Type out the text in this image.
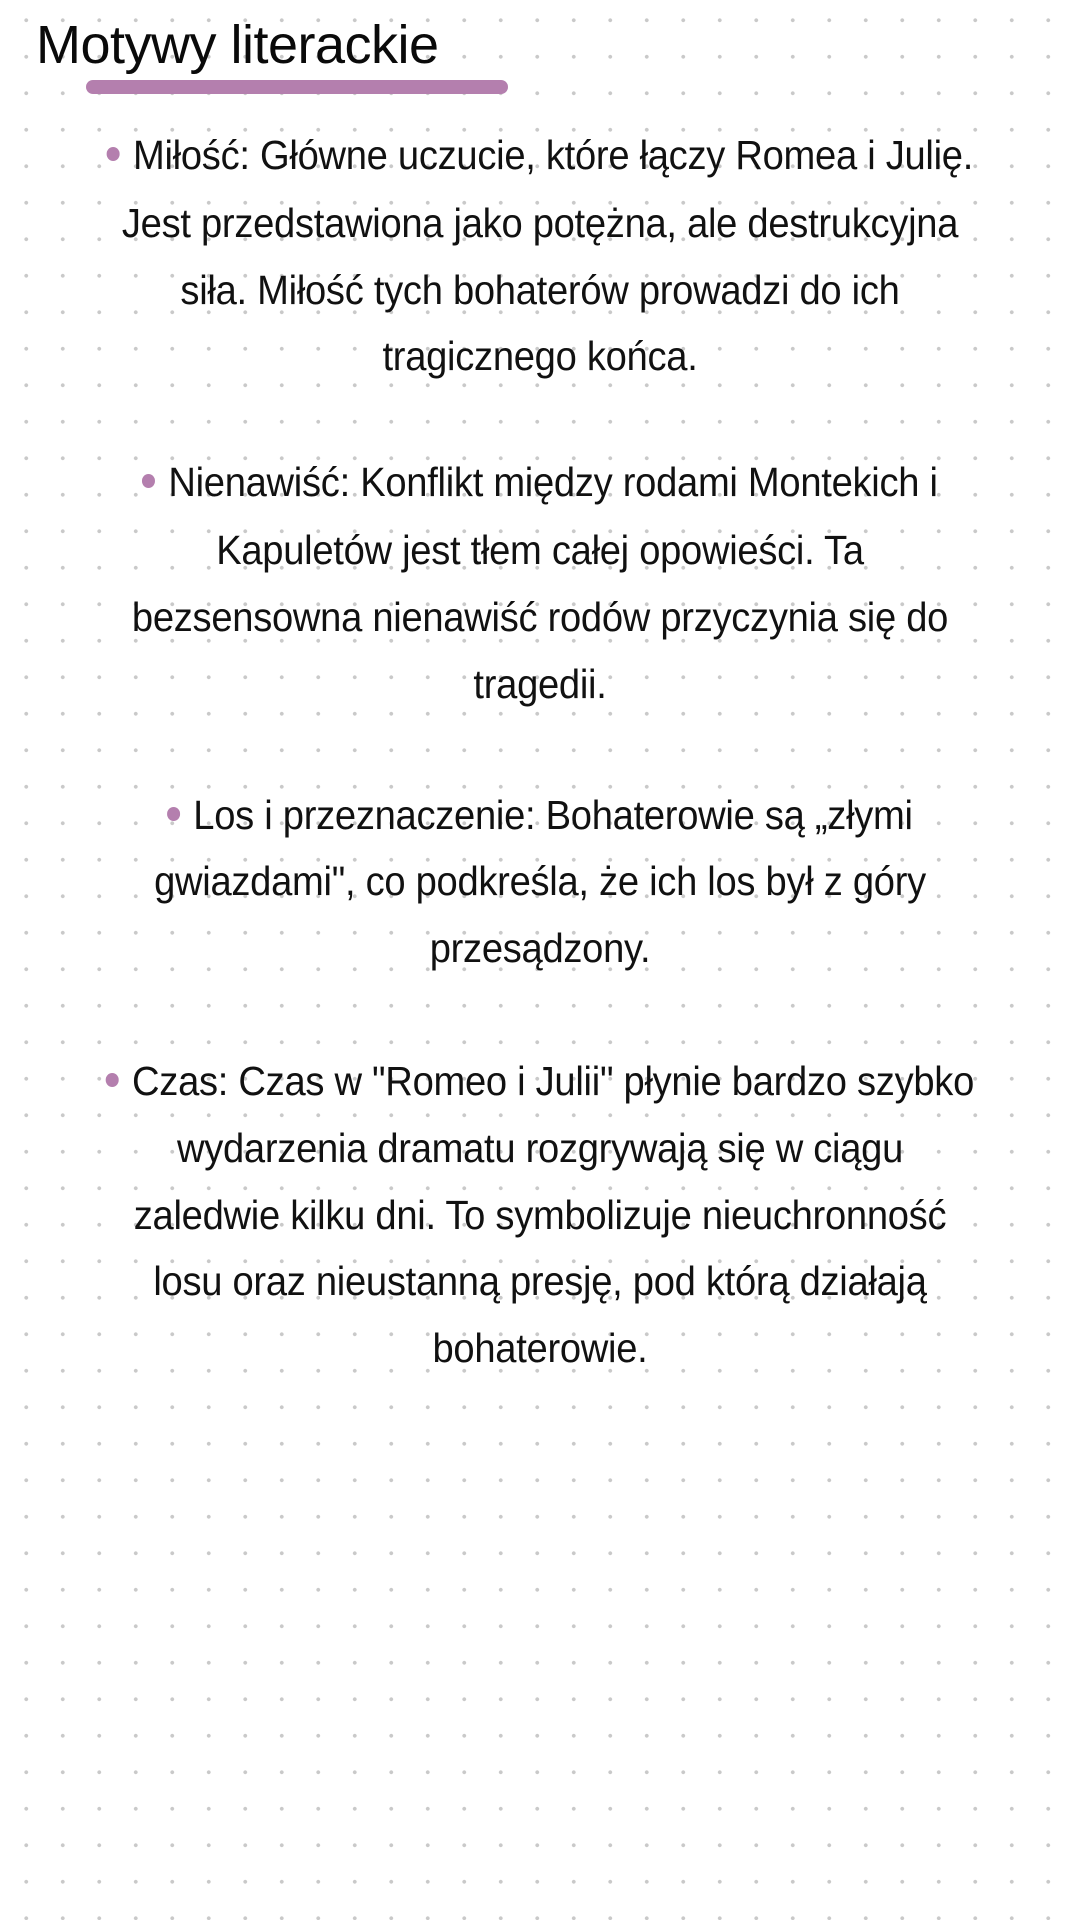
Motywy literackie
Miłość: Główne uczucie, które łączy Romea i Julię.
Jest przedstawiona jako potężna, ale destrukcyjna
siła. Miłość tych bohaterów prowadzi do ich
tragicznego końca.
Nienawiść: Konflikt między rodami Montekich i
Kapuletów jest tłem całej opowieści. Ta
bezsensowna nienawiść rodów przyczynia się do
tragedii.
Los i przeznaczenie: Bohaterowie są „złymi
gwiazdami", co podkreśla, że ich los był z góry
przesądzony.
Czas: Czas w "Romeo i Julii" płynie bardzo szybko
wydarzenia dramatu rozgrywają się w ciągu
zaledwie kilku dni. To symbolizuje nieuchronność
losu oraz nieustanną presję, pod którą działają
bohaterowie.
